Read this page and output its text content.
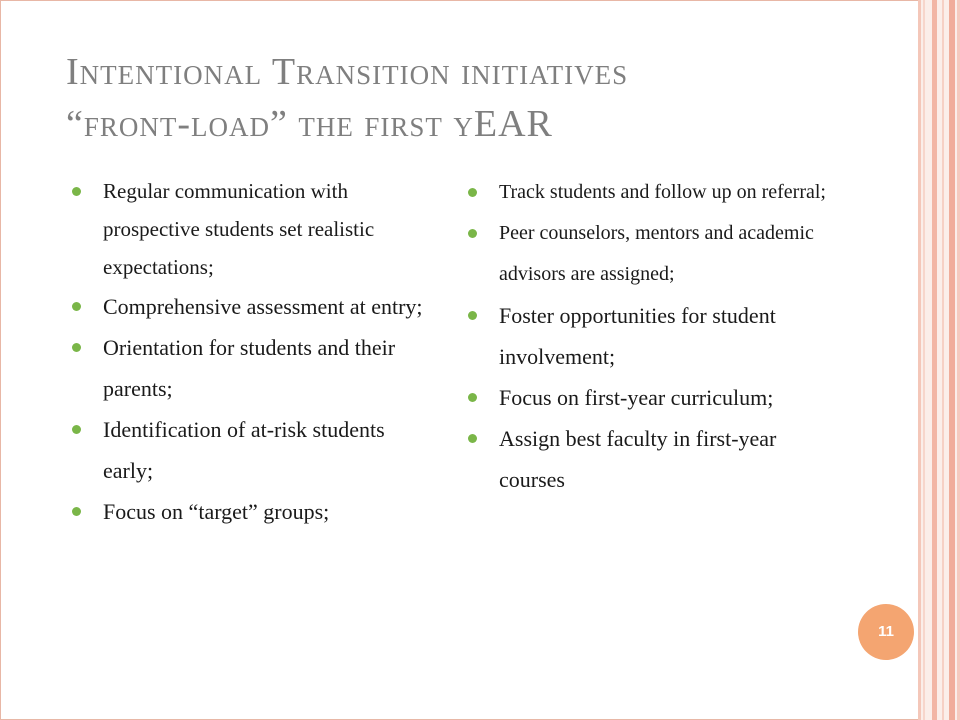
Intentional Transition initiatives
“front-load” the first yEAR
Regular communication with prospective students set realistic expectations;
Comprehensive assessment at entry;
Orientation for students and their parents;
Identification of at-risk students early;
Focus on “target” groups;
Track students and follow up on referral;
Peer counselors, mentors and academic advisors are assigned;
Foster opportunities for student involvement;
Focus on first-year curriculum;
Assign best faculty in first-year courses
11
